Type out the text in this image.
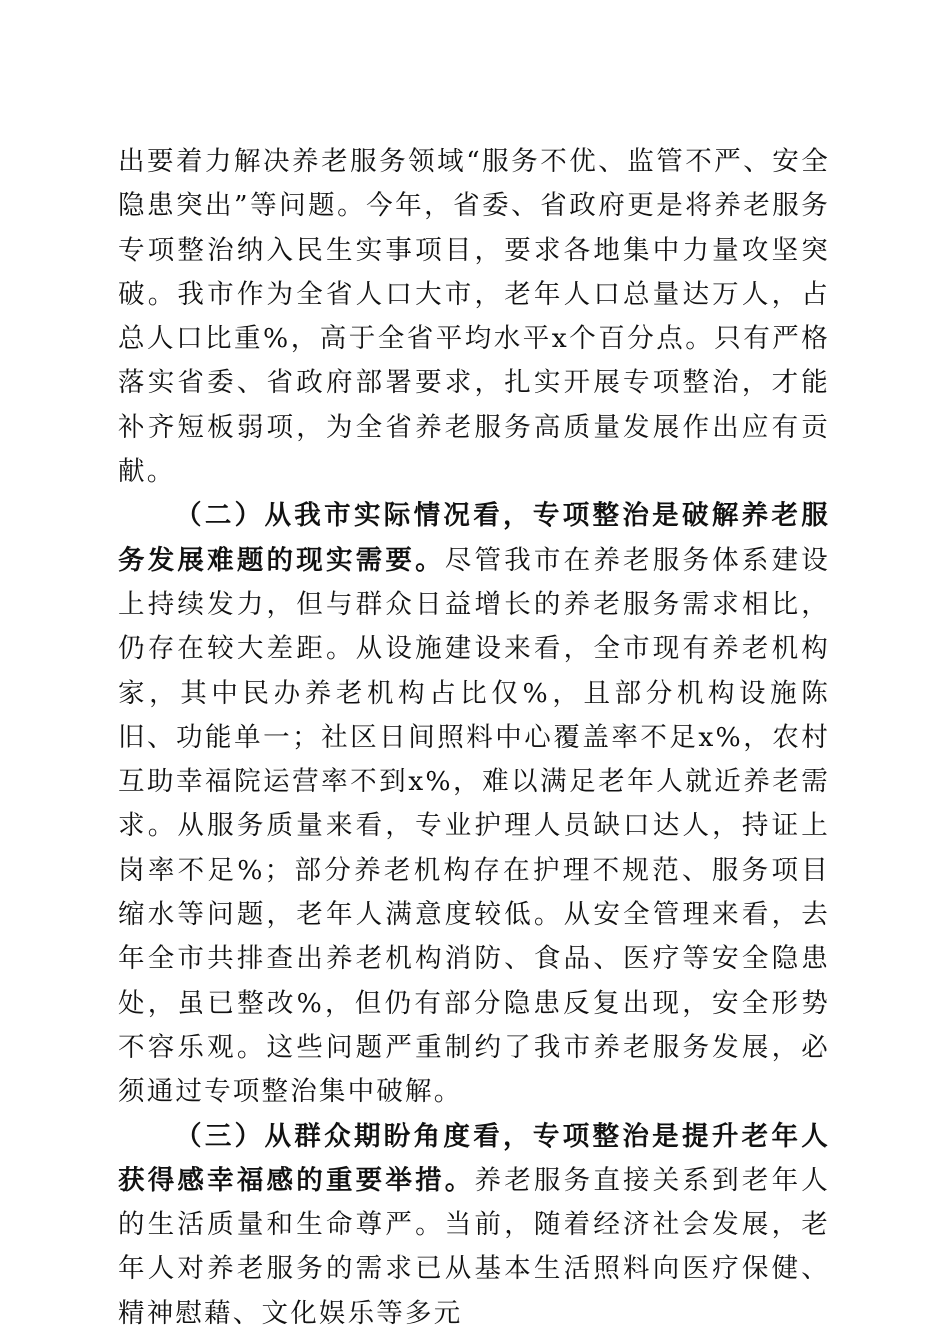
出要着力解决养老服务领域“服务不优、监管不严、安全隐患突出”等问题。今年，省委、省政府更是将养老服务专项整治纳入民生实事项目，要求各地集中力量攻坚突破。我市作为全省人口大市，老年人口总量达万人，占总人口比重%，高于全省平均水平x个百分点。只有严格落实省委、省政府部署要求，扎实开展专项整治，才能补齐短板弱项，为全省养老服务高质量发展作出应有贡献。

（二）从我市实际情况看，专项整治是破解养老服务发展难题的现实需要。尽管我市在养老服务体系建设上持续发力，但与群众日益增长的养老服务需求相比，仍存在较大差距。从设施建设来看，全市现有养老机构家，其中民办养老机构占比仅%，且部分机构设施陈旧、功能单一；社区日间照料中心覆盖率不足x%，农村互助幸福院运营率不到x%，难以满足老年人就近养老需求。从服务质量来看，专业护理人员缺口达人，持证上岗率不足%；部分养老机构存在护理不规范、服务项目缩水等问题，老年人满意度较低。从安全管理来看，去年全市共排查出养老机构消防、食品、医疗等安全隐患处，虽已整改%，但仍有部分隐患反复出现，安全形势不容乐观。这些问题严重制约了我市养老服务发展，必须通过专项整治集中破解。

（三）从群众期盼角度看，专项整治是提升老年人获得感幸福感的重要举措。养老服务直接关系到老年人的生活质量和生命尊严。当前，随着经济社会发展，老年人对养老服务的需求已从基本生活照料向医疗保健、精神慰藉、文化娱乐等多元
